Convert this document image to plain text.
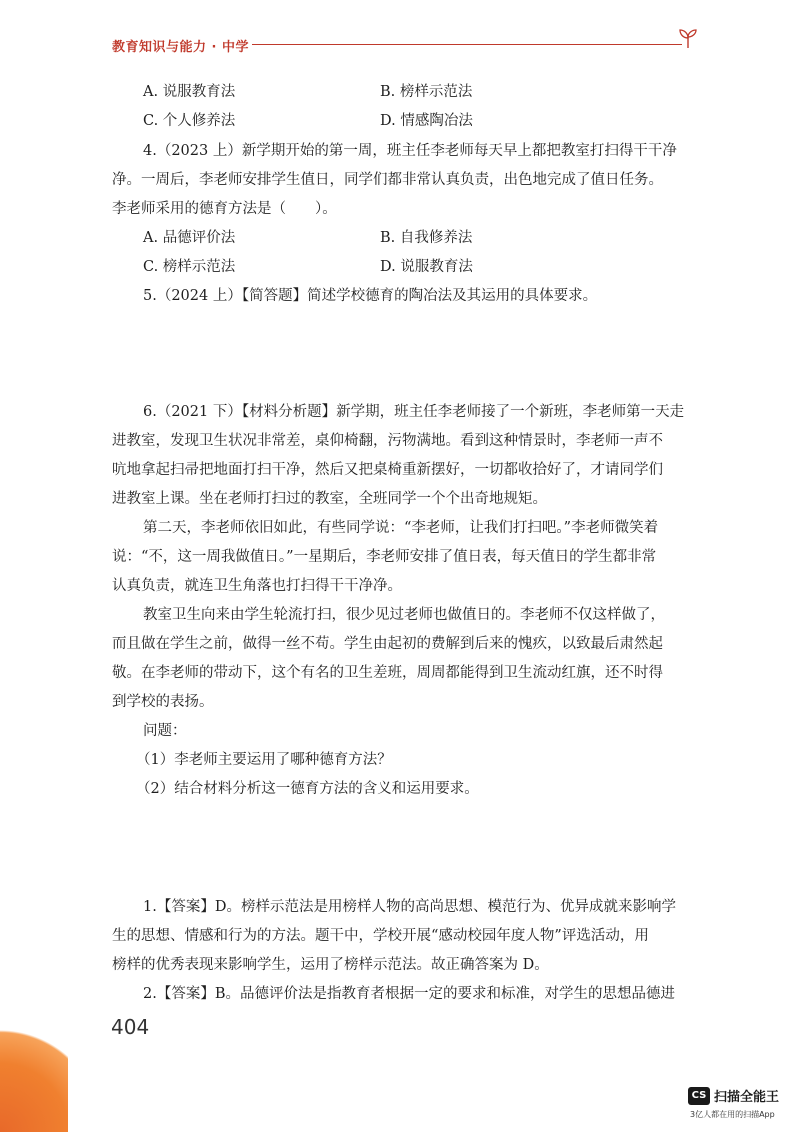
教育知识与能力 · 中学
A. 说服教育法	B. 榜样示范法
C. 个人修养法	D. 情感陶冶法
4.（2023 上）新学期开始的第一周，班主任李老师每天早上都把教室打扫得干干净
净。一周后，李老师安排学生值日，同学们都非常认真负责，出色地完成了值日任务。
李老师采用的德育方法是（　　）。
A. 品德评价法	B. 自我修养法
C. 榜样示范法	D. 说服教育法
5.（2024 上）【简答题】简述学校德育的陶冶法及其运用的具体要求。
6.（2021 下）【材料分析题】新学期，班主任李老师接了一个新班，李老师第一天走
进教室，发现卫生状况非常差，桌仰椅翻，污物满地。看到这种情景时，李老师一声不
吭地拿起扫帚把地面打扫干净，然后又把桌椅重新摆好，一切都收拾好了，才请同学们
进教室上课。坐在老师打扫过的教室，全班同学一个个出奇地规矩。
第二天，李老师依旧如此，有些同学说：“李老师，让我们打扫吧。”李老师微笑着
说：“不，这一周我做值日。”一星期后，李老师安排了值日表，每天值日的学生都非常
认真负责，就连卫生角落也打扫得干干净净。
教室卫生向来由学生轮流打扫，很少见过老师也做值日的。李老师不仅这样做了，
而且做在学生之前，做得一丝不苟。学生由起初的费解到后来的愧疚，以致最后肃然起
敬。在李老师的带动下，这个有名的卫生差班，周周都能得到卫生流动红旗，还不时得
到学校的表扬。
问题：
（1）李老师主要运用了哪种德育方法？
（2）结合材料分析这一德育方法的含义和运用要求。
1.【答案】D。榜样示范法是用榜样人物的高尚思想、模范行为、优异成就来影响学
生的思想、情感和行为的方法。题干中，学校开展“感动校园年度人物”评选活动，用
榜样的优秀表现来影响学生，运用了榜样示范法。故正确答案为 D。
2.【答案】B。品德评价法是指教育者根据一定的要求和标准，对学生的思想品德进
404
CS 扫描全能王
3亿人都在用的扫描App
